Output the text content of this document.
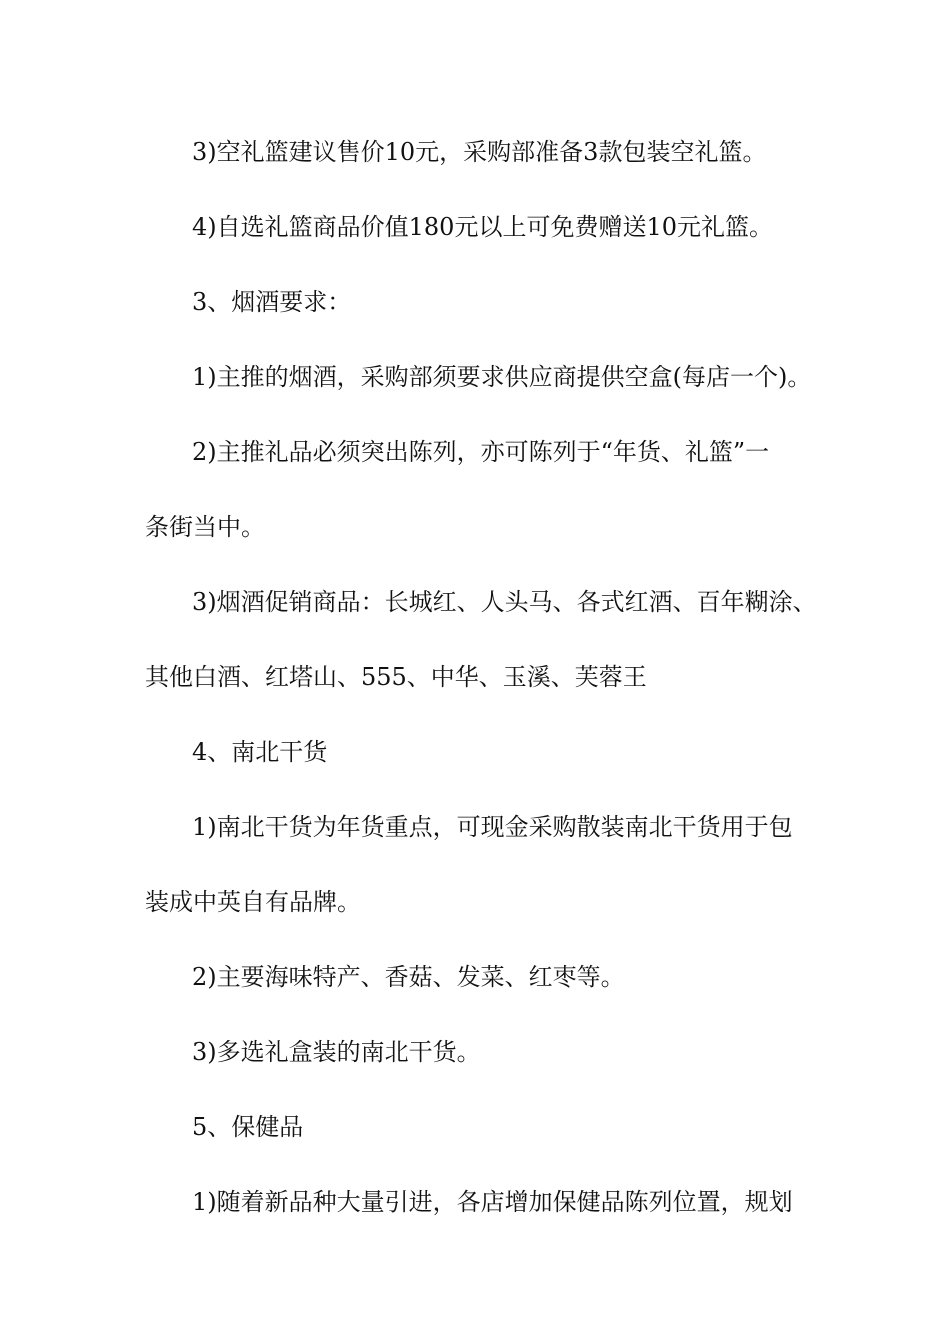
3)空礼篮建议售价10元，采购部准备3款包装空礼篮。
4)自选礼篮商品价值180元以上可免费赠送10元礼篮。
3、烟酒要求：
1)主推的烟酒，采购部须要求供应商提供空盒(每店一个)。
2)主推礼品必须突出陈列，亦可陈列于“年货、礼篮”一
条街当中。
3)烟酒促销商品：长城红、人头马、各式红酒、百年糊涂、
其他白酒、红塔山、555、中华、玉溪、芙蓉王
4、南北干货
1)南北干货为年货重点，可现金采购散装南北干货用于包
装成中英自有品牌。
2)主要海味特产、香菇、发菜、红枣等。
3)多选礼盒装的南北干货。
5、保健品
1)随着新品种大量引进，各店增加保健品陈列位置，规划
